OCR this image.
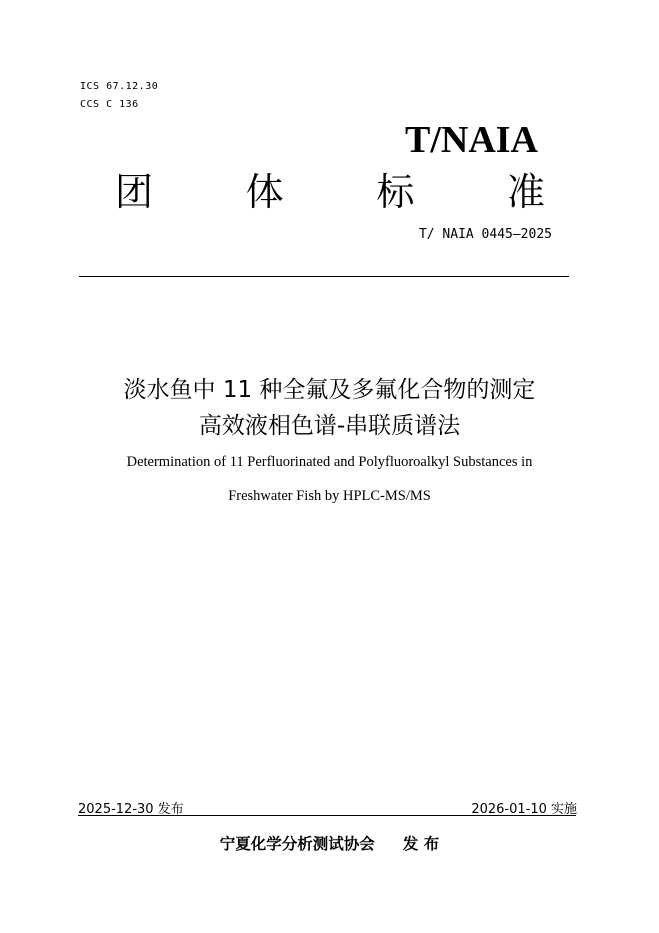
ICS 67.12.30
CCS C 136
T/NAIA
团 体 标 准
T/ NAIA 0445—2025
淡水鱼中 11 种全氟及多氟化合物的测定
高效液相色谱-串联质谱法
Determination of 11 Perfluorinated and Polyfluoroalkyl Substances in
Freshwater Fish by HPLC-MS/MS
2025-12-30 发布	2026-01-10 实施
宁夏化学分析测试协会 发 布
